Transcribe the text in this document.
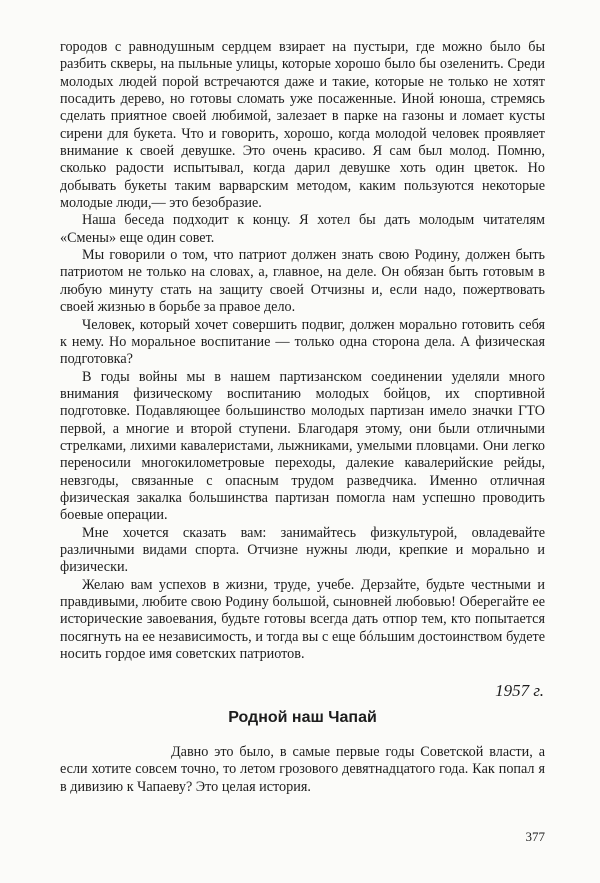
городов с равнодушным сердцем взирает на пустыри, где можно было бы разбить скверы, на пыльные улицы, которые хорошо было бы озеленить. Среди молодых людей порой встречаются даже и такие, которые не только не хотят посадить дерево, но готовы сломать уже посаженные. Иной юноша, стремясь сделать приятное своей любимой, залезает в парке на газоны и ломает кусты сирени для букета. Что и говорить, хорошо, когда молодой человек проявляет внимание к своей девушке. Это очень красиво. Я сам был молод. Помню, сколько радости испытывал, когда дарил девушке хоть один цветок. Но добывать букеты таким варварским методом, каким пользуются некоторые молодые люди,— это безобразие.

Наша беседа подходит к концу. Я хотел бы дать молодым читателям «Смены» еще один совет.

Мы говорили о том, что патриот должен знать свою Родину, должен быть патриотом не только на словах, а, главное, на деле. Он обязан быть готовым в любую минуту стать на защиту своей Отчизны и, если надо, пожертвовать своей жизнью в борьбе за правое дело.

Человек, который хочет совершить подвиг, должен морально готовить себя к нему. Но моральное воспитание — только одна сторона дела. А физическая подготовка?

В годы войны мы в нашем партизанском соединении уделяли много внимания физическому воспитанию молодых бойцов, их спортивной подготовке. Подавляющее большинство молодых партизан имело значки ГТО первой, а многие и второй ступени. Благодаря этому, они были отличными стрелками, лихими кавалеристами, лыжниками, умелыми пловцами. Они легко переносили многокилометровые переходы, далекие кавалерийские рейды, невзгоды, связанные с опасным трудом разведчика. Именно отличная физическая закалка большинства партизан помогла нам успешно проводить боевые операции.

Мне хочется сказать вам: занимайтесь физкультурой, овладевайте различными видами спорта. Отчизне нужны люди, крепкие и морально и физически.

Желаю вам успехов в жизни, труде, учебе. Дерзайте, будьте честными и правдивыми, любите свою Родину большой, сыновней любовью! Оберегайте ее исторические завоевания, будьте готовы всегда дать отпор тем, кто попытается посягнуть на ее независимость, и тогда вы с еще бóльшим достоинством будете носить гордое имя советских патриотов.

1957 г.
Родной наш Чапай

Давно это было, в самые первые годы Советской власти, а если хотите совсем точно, то летом грозового девятнадцатого года. Как попал я в дивизию к Чапаеву? Это целая история.

377
